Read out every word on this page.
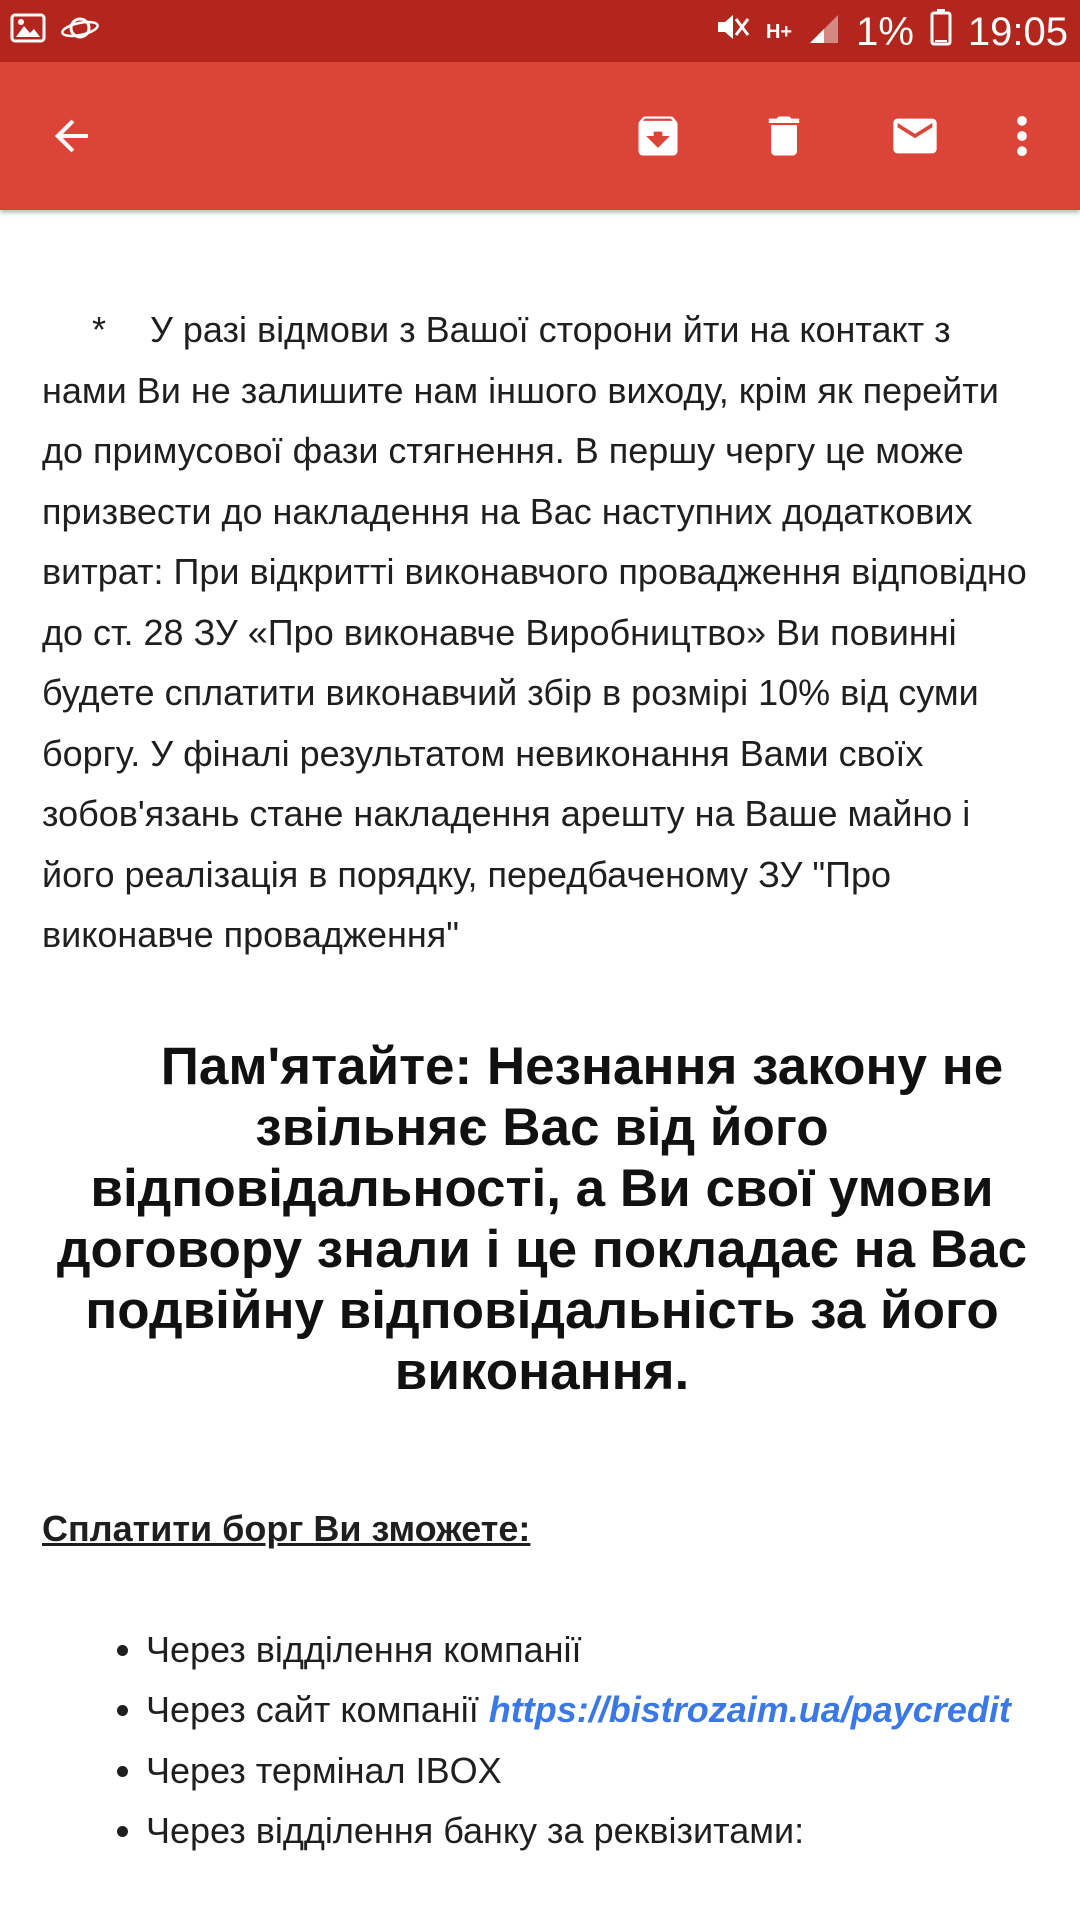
H+ 1% 19:05

* У разі відмови з Вашої сторони йти на контакт з нами Ви не залишите нам іншого виходу, крім як перейти до примусової фази стягнення. В першу чергу це може призвести до накладення на Вас наступних додаткових витрат: При відкритті виконавчого провадження відповідно до ст. 28 ЗУ «Про виконавче Виробництво» Ви повинні будете сплатити виконавчий збір в розмірі 10% від суми боргу. У фіналі результатом невиконання Вами своїх зобов'язань стане накладення арешту на Ваше майно і його реалізація в порядку, передбаченому ЗУ "Про виконавче провадження"

Пам'ятайте: Незнання закону не звільняє Вас від його відповідальності, а Ви свої умови договору знали і це покладає на Вас подвійну відповідальність за його виконання.
Сплатити борг Ви зможете:
• Через відділення компанії
• Через сайт компанії https://bistrozaim.ua/paycredit
• Через термінал IBOX
• Через відділення банку за реквізитами:
